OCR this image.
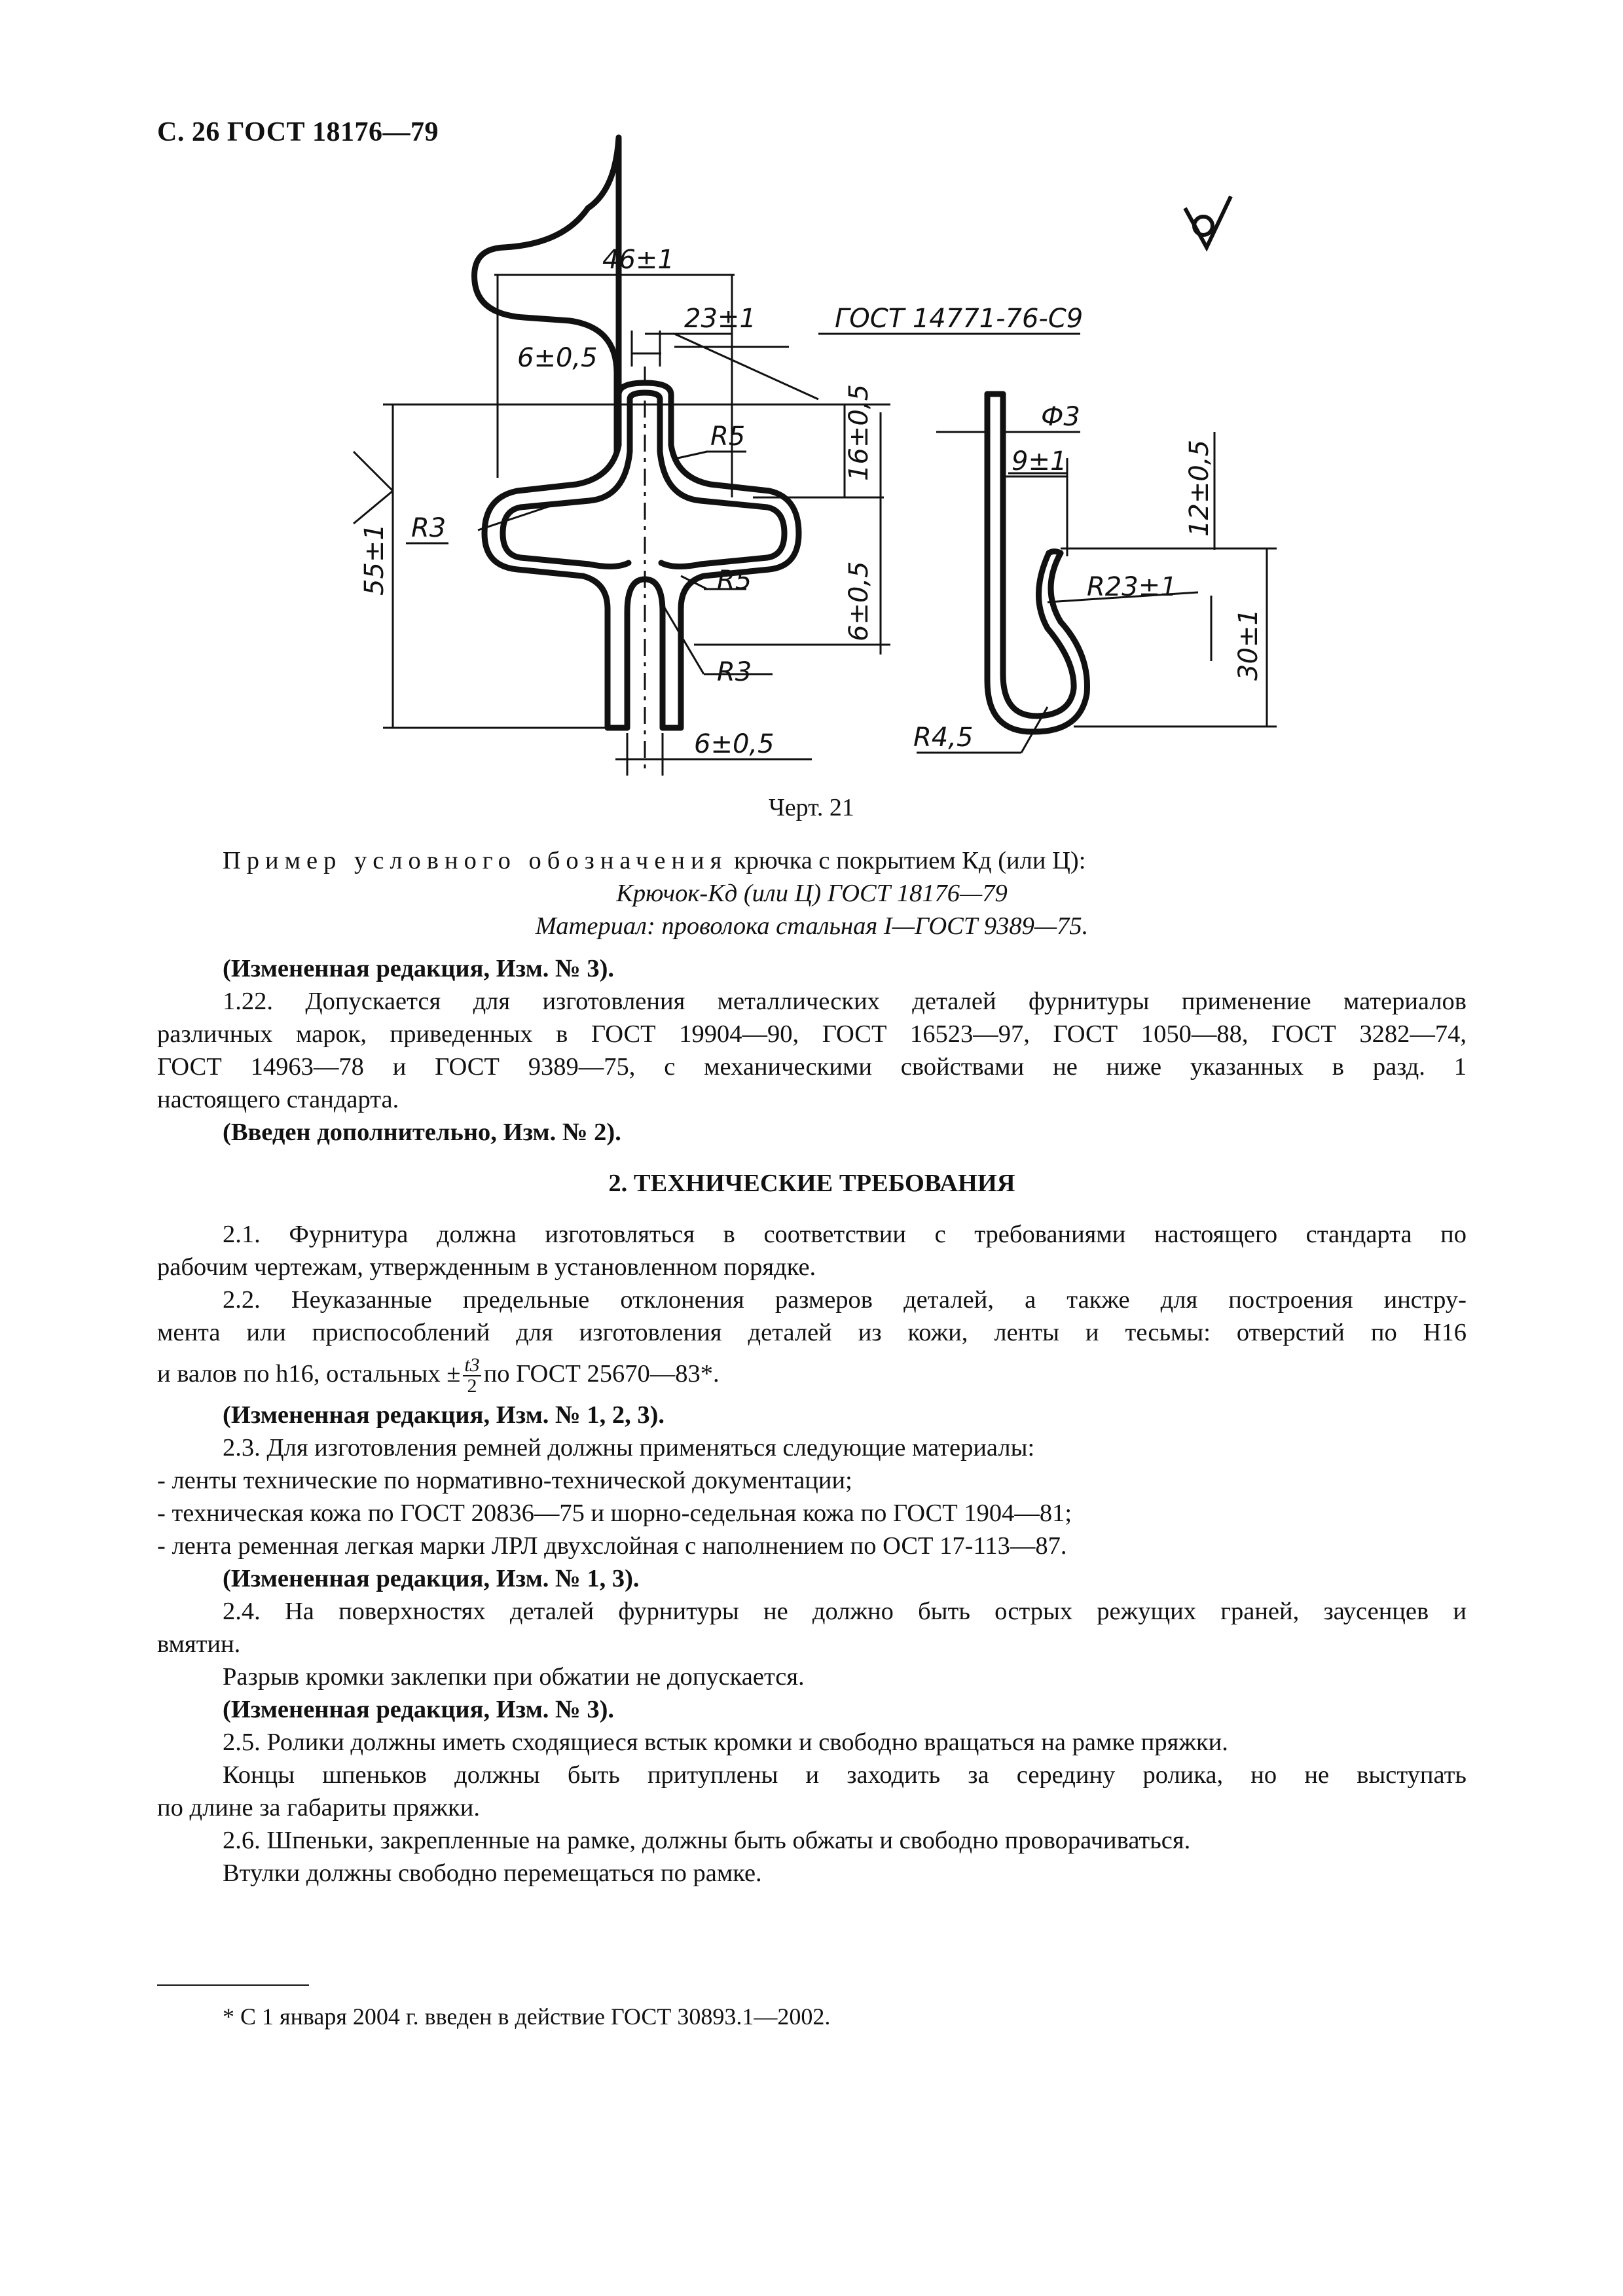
С. 26 ГОСТ 18176—79
46±1
23±1
6±0,5
ГОСТ 14771-76-С9
R5
R3
R5
R3
16±0,5
55±1
6±0,5
6±0,5
Ф3
9±1	12±0,5
R23±1
30±1
R4,5
Черт. 21

Пример условного обозначения крючка с покрытием Кд (или Ц):

Крючок-Кд (или Ц) ГОСТ 18176—79

Материал: проволока стальная I—ГОСТ 9389—75.

(Измененная редакция, Изм. № 3).

1.22. Допускается для изготовления металлических деталей фурнитуры применение материалов

различных марок, приведенных в ГОСТ 19904—90, ГОСТ 16523—97, ГОСТ 1050—88, ГОСТ 3282—74,

ГОСТ 14963—78 и ГОСТ 9389—75, с механическими свойствами не ниже указанных в разд. 1

настоящего стандарта.

(Введен дополнительно, Изм. № 2).

2. ТЕХНИЧЕСКИЕ ТРЕБОВАНИЯ

2.1. Фурнитура должна изготовляться в соответствии с требованиями настоящего стандарта по

рабочим чертежам, утвержденным в установленном порядке.

2.2. Неуказанные предельные отклонения размеров деталей, а также для построения инстру-

мента или приспособлений для изготовления деталей из кожи, ленты и тесьмы: отверстий по Н16

и валов по h16, остальных ± $\frac{t3}{2}$ по ГОСТ 25670—83*.

(Измененная редакция, Изм. № 1, 2, 3).

2.3. Для изготовления ремней должны применяться следующие материалы:

- ленты технические по нормативно-технической документации;

- техническая кожа по ГОСТ 20836—75 и шорно-седельная кожа по ГОСТ 1904—81;

- лента ременная легкая марки ЛРЛ двухслойная с наполнением по ОСТ 17-113—87.

(Измененная редакция, Изм. № 1, 3).

2.4. На поверхностях деталей фурнитуры не должно быть острых режущих граней, заусенцев и

вмятин.

Разрыв кромки заклепки при обжатии не допускается.

(Измененная редакция, Изм. № 3).

2.5. Ролики должны иметь сходящиеся встык кромки и свободно вращаться на рамке пряжки.

Концы шпеньков должны быть притуплены и заходить за середину ролика, но не выступать

по длине за габариты пряжки.

2.6. Шпеньки, закрепленные на рамке, должны быть обжаты и свободно проворачиваться.

Втулки должны свободно перемещаться по рамке.

* С 1 января 2004 г. введен в действие ГОСТ 30893.1—2002.
